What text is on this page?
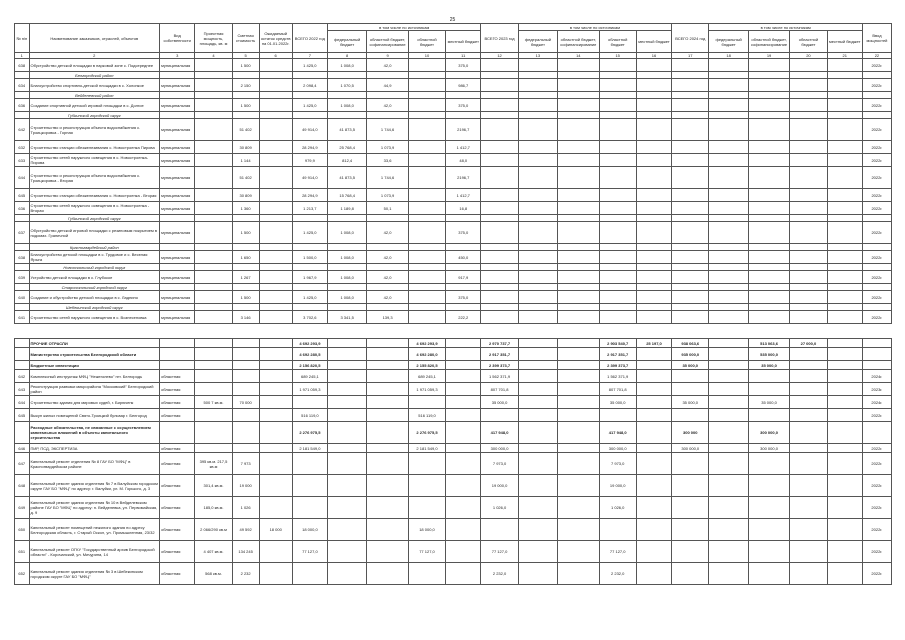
25
№ п/п	Наименование заказчиков, отраслей, объектов	Вид собственности	Проектная мощность, площадь, кв. м	Сметная стоимость	Ожидаемый остаток средств на 01.01.2022г.	ВСЕГО 2022 год	в том числе по источникам				ВСЕГО 2023 год	в том числе по источникам				ВСЕГО 2024 год	в том числе по источникам				Ввод мощностей
							федеральный бюджет	областной бюджет, софинансирование	областной бюджет	местный бюджет		федеральный бюджет	областной бюджет, софинансирование	областной бюджет	местный бюджет		федеральный бюджет	областной бюджет, софинансирование	областной бюджет	местный бюджет	
1	2	3	4	5	6	7	8	9	10	11	12	13	14	15	16	17	18	19	20	21	22
638	Обустройство детской площадки в парковой зоне с. Подсереднее	муниципальная		1 500		1 425,0	1 008,0	42,0		375,0											2022г.
	Белгородский район																				
634	Благоустройство спортивно-детской площадки в с. Холопкое	муниципальная		2 150		2 098,4	1 070,5	44,9		986,7											2022г.
	Вейделевский район																				
636	Создание спортивной детской игровой площадки в с. Долгое	муниципальная		1 500		1 425,0	1 008,0	42,0		375,0											2022г.
	Губкинский городской округ																				
642	Строительство и реконструкция объекта водоснабжения с. Троицкоровка - Горная	муниципальная		51 402		49 914,0	41 873,5	1 744,6		2196,7											2022г.
632	Строительство станции обезжелезивания с. Новостроенка Пирова	муниципальная		30 809		28 294,9	25 768,4	1 073,9		1 412,7											2022г.
633	Строительство сетей наружного освещения в с. Новостроенка-Пирова	муниципальная		1 144		979,9	812,4	33,6		48,0											2022г.
644	Строительство и реконструкция объекта водоснабжения с. Троицкоровка - Вторая	муниципальная		51 402		49 914,0	41 873,5	1 744,6		2196,7											2022г.
645	Строительство станции обезжелезивания с. Новостроенка - Вторая	муниципальная		30 809		28 294,9	15 768,4	1 073,9		1 412,7											2022г.
636	Строительство сетей наружного освещения в с. Новостроенка - Вторая	муниципальная		1 360		1 213,7	1 189,8	50,1		16,8											2022г.
	Губкинский городской округ																				
637	Обустройство детской игровой площадки с резиновым покрытием в подомах. Граничной	муниципальная		1 500		1 425,0	1 008,0	42,0		375,0											2022г.
	Красногвардейский район																				
638	Благоустройство детской площадки в с. Трудовое и с. Веселая Ярыга	муниципальная		1 650		1 500,0	1 008,0	42,0		450,0											2022г.
	Новооскольский городской округ																				
639	Устройство детской площадки в с. Глубокое	муниципальная		1 267		1 967,9	1 008,0	42,0		917,9											2022г.
	Старооскольский городской округ																				
640	Создание и обустройство детской площадки в с. Ладнино	муниципальная		1 500		1 425,0	1 008,0	42,0		375,0											2022г.
	Шебекинский городской округ																				
641	Строительство сетей наружного освещения в с. Вознесеновка	муниципальная		3 146		3 702,6	3 341,5	139,3		222,2											2022г.
	ПРОЧИЕ ОТРАСЛИ					4 692 293,9			4 692 293,9		2 970 737,7			2 903 540,7	25 197,0	938 063,6		513 063,6	27 000,0		
	Министерство строительства Белгородской области					4 692 280,5			4 692 280,0		2 917 351,7			2 917 351,7		935 000,0		535 000,0			
	Бюджетные инвестиции					2 156 820,5			2 155 820,5		2 399 373,7			2 399 373,7		35 000,0		35 000,0			
642	Комплексный инструктаж МФЦ "Нежеголево" пгт. Белгородь	областная				689 245,1			689 245,1		1 562 371,9			1 562 371,9							2024г.
643	Реконструкция развязки микрорайона "Московский" Белгородский район	областная				1 971 059,3			1 971 059,3		807 701,8			807 701,8							2023г.
644	Строительство здания для мировых судей, г. Бирюченк	областная	500 7 кв.м.	70 000							35 000,0			35 000,0		35 000,0		35 000,0			2024г.
645	Выкуп жилых помещений Свято-Троицкий бульвар г. Белгород	областная				516 119,0			516 119,0												2022г.
	Расходные обязательства, не связанные с осуществлением капитальных вложений в объекты капитального строительства					2 276 975,5			2 276 975,5		417 948,0			417 948,0		300 000		300 000,0			
646	ПИР, ПСД, ЭКСПЕРТИЗА	областная				2 181 549,0			2 181 549,0		300 000,0			300 000,0		300 000,0		300 000,0			2022г.
647	Капитальный ремонт отделения № 8 ГАУ БО "МФЦ" в Красногвардейском районе	областная	395 кв.м. 217,5 кв.м	7 973							7 973,0			7 973,0							2022г.
648	Капитальный ремонт здания отделения № 7 в Валуйском городском округе ГАУ БО "МФЦ" по адресу: г. Валуйки, ул. М. Горького, д. 3	областная	301,4 кв.м.	19 000							19 000,0			19 000,0							2022г.
649	Капитальный ремонт здания отделения № 10 в Вейделевском районе ГАУ БО "МФЦ" по адресу: п. Вейделевка, ул. Первомайская, д. 9	областная	185,0 кв.м.	1 026							1 026,0			1 026,0							2022г.
650	Капитальный ремонт помещений нежилого здания по адресу Белгородская область, г. Старый Оскол, ул. Промышленная, 23/32	областная	2 066/290 кв.м	49 592	18 000	18 000,0			18 000,0												2022г.
651	Капитальный ремонт ОГКУ "Государственный архив Белгородской области" - Корочанский, ул. Мичурина, 14	областная	4 407 кв.м.	134 245		77 127,0			77 127,0		77 127,0			77 127,0							2022г.
652	Капитальный ремонт здания отделения № 3 в Шебекинском городском округе ГАУ БО "МФЦ"	областная	568 кв.м.	2 232							2 232,0			2 232,0							2022г.
